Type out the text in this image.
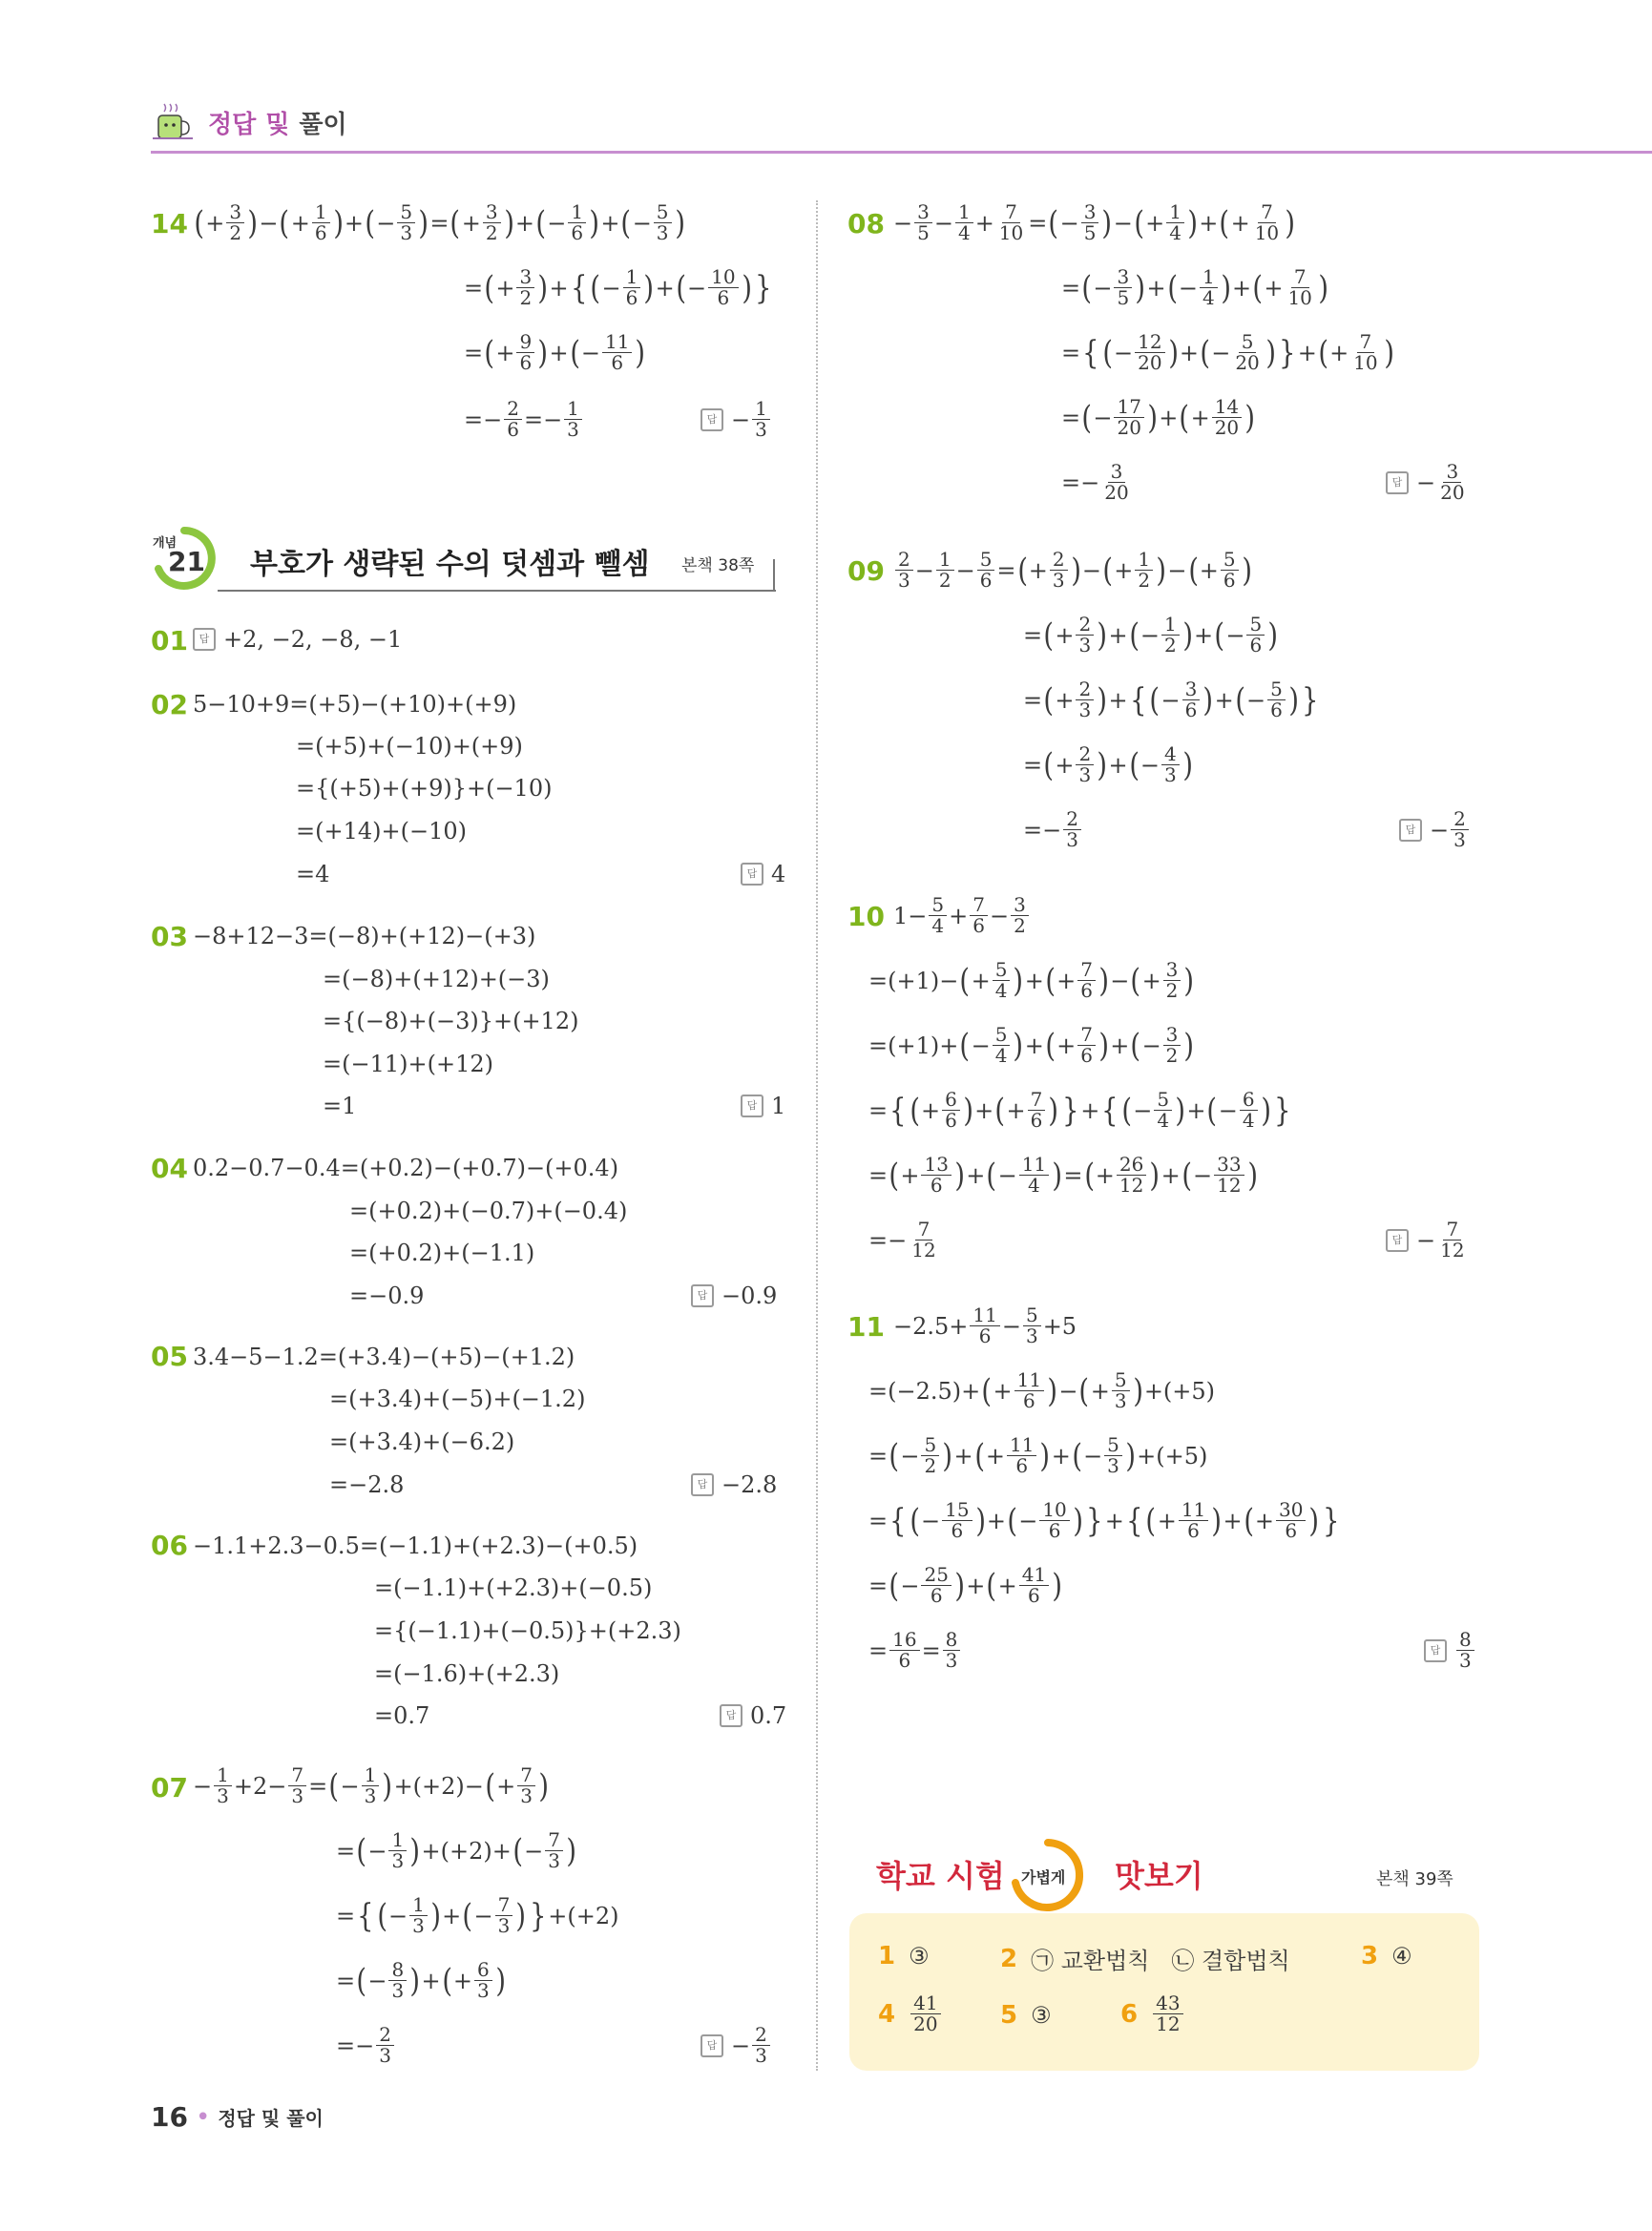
정답 및 풀이
14 ( + 3
2 ) − ( + 1
6 ) + ( − 5
3 ) = ( + 3
2 ) + ( − 1
6 ) + ( − 5
3 )
= ( + 3
2 ) + { ( − 1
6 ) + ( − 10
6 ) }
= ( + 9
6 ) + ( − 11
6 )
=− 2
6 =− 1
3	답 − 1
3
개념
21 부호가 생략된 수의 덧셈과 뺄셈 본책 38쪽
01	답 +2, −2, −8, −1
02 5−10+9=(+5)−(+10)+(+9)
=(+5)+(−10)+(+9)
={(+5)+(+9)}+(−10)
=(+14)+(−10)
=4	답 4
03 −8+12−3=(−8)+(+12)−(+3)
=(−8)+(+12)+(−3)
={(−8)+(−3)}+(+12)
=(−11)+(+12)
=1	답 1
04 0.2−0.7−0.4=(+0.2)−(+0.7)−(+0.4)
=(+0.2)+(−0.7)+(−0.4)
=(+0.2)+(−1.1)
=−0.9	답 −0.9
05 3.4−5−1.2=(+3.4)−(+5)−(+1.2)
=(+3.4)+(−5)+(−1.2)
=(+3.4)+(−6.2)
=−2.8	답 −2.8
06 −1.1+2.3−0.5=(−1.1)+(+2.3)−(+0.5)
=(−1.1)+(+2.3)+(−0.5)
={(−1.1)+(−0.5)}+(+2.3)
=(−1.6)+(+2.3)
=0.7	답 0.7
07 − 1
3 +2− 7
3 = ( − 1
3 ) +(+2)− ( + 7
3 )
= ( − 1
3 ) +(+2)+ ( − 7
3 )
= { ( − 1
3 ) + ( − 7
3 ) } +(+2)
= ( − 8
3 ) + ( + 6
3 )
=− 2
3	답 − 2
3
08 − 3
5 − 1
4 + 7
10 = ( − 3
5 ) − ( + 1
4 ) + ( + 7
10 )
= ( − 3
5 ) + ( − 1
4 ) + ( + 7
10 )
= { ( − 12
20 ) + ( − 5
20 ) } + ( + 7
10 )
= ( − 17
20 ) + ( + 14
20 )
=− 3
20	답 − 3
20
09 2
3 − 1
2 − 5
6 = ( + 2
3 ) − ( + 1
2 ) − ( + 5
6 )
= ( + 2
3 ) + ( − 1
2 ) + ( − 5
6 )
= ( + 2
3 ) + { ( − 3
6 ) + ( − 5
6 ) }
= ( + 2
3 ) + ( − 4
3 )
=− 2
3	답 − 2
3
10 1− 5
4 + 7
6 − 3
2
=(+1)− ( + 5
4 ) + ( + 7
6 ) − ( + 3
2 )
=(+1)+ ( − 5
4 ) + ( + 7
6 ) + ( − 3
2 )
= { ( + 6
6 ) + ( + 7
6 ) } + { ( − 5
4 ) + ( − 6
4 ) }
= ( + 13
6 ) + ( − 11
4 ) = ( + 26
12 ) + ( − 33
12 )
=− 7
12	답 − 7
12
11 −2.5+ 11
6 − 5
3 +5
=(−2.5)+ ( + 11
6 ) − ( + 5
3 ) +(+5)
= ( − 5
2 ) + ( + 11
6 ) + ( − 5
3 ) +(+5)
= { ( − 15
6 ) + ( − 10
6 ) } + { ( + 11
6 ) + ( + 30
6 ) }
= ( − 25
6 ) + ( + 41
6 )
= 16
6 = 8
3	답 8
3
학교 시험 가볍게 맛보기	본책 39쪽
1 ③	2 ㉠ 교환법칙   ㉡ 결합법칙	3 ④
4 41
20	5 ③	6 43
12
16 • 정답 및 풀이
